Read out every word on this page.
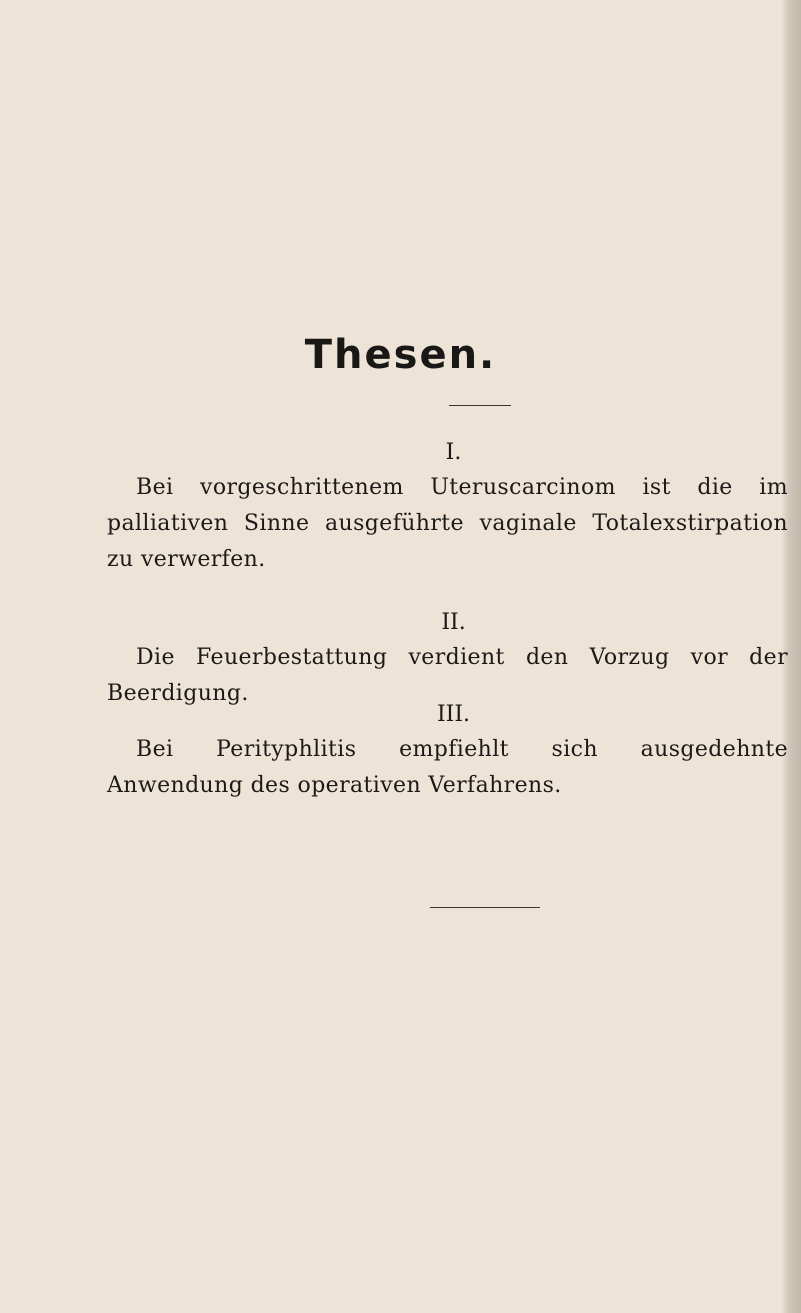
Thesen.

I.

Bei vorgeschrittenem Uteruscarcinom ist die im palliativen Sinne ausgeführte vaginale Totalexstirpation zu verwerfen.

II.

Die Feuerbestattung verdient den Vorzug vor der Beerdigung.

III.

Bei Perityphlitis empfiehlt sich ausgedehnte Anwendung des operativen Verfahrens.
